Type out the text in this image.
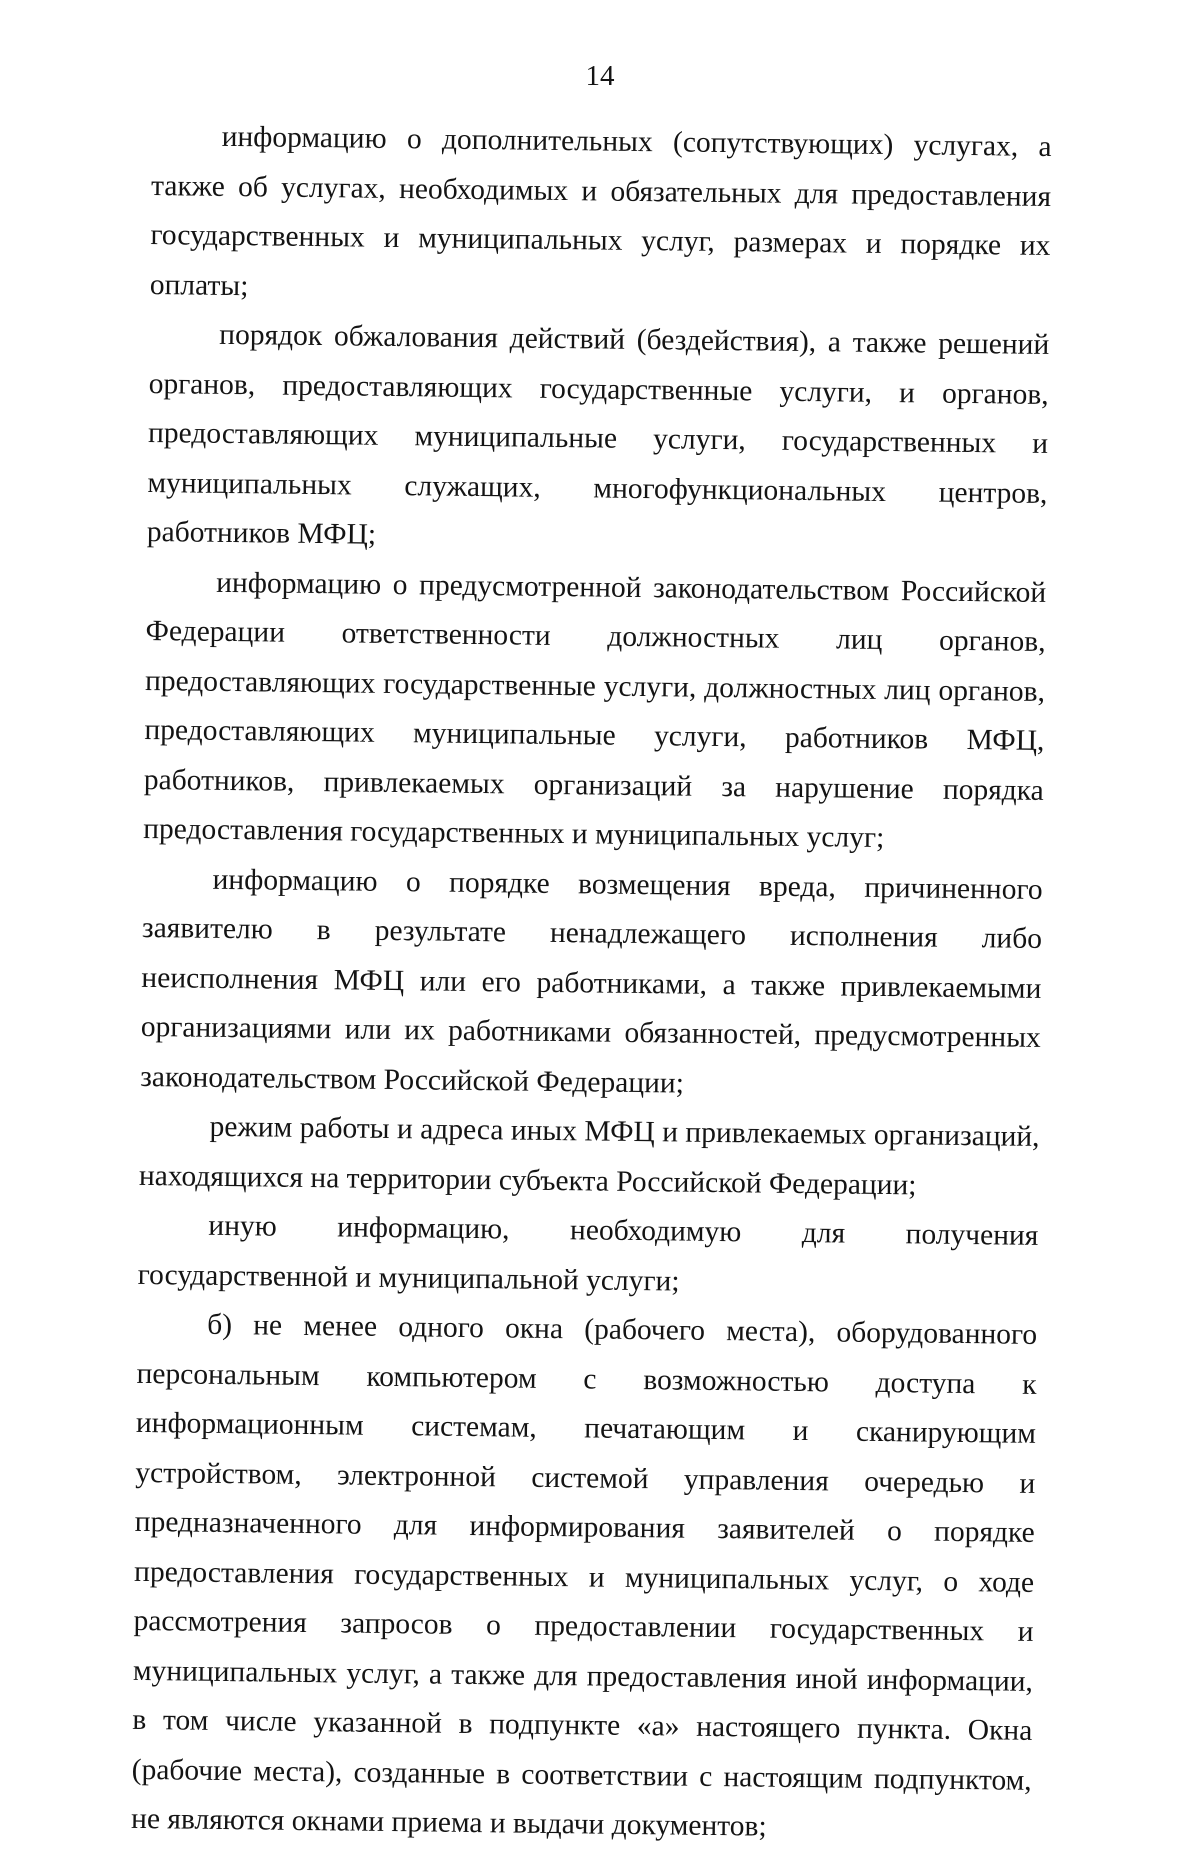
14

информацию о дополнительных (сопутствующих) услугах, а также об услугах, необходимых и обязательных для предоставления государственных и муниципальных услуг, размерах и порядке их оплаты;

порядок обжалования действий (бездействия), а также решений органов, предоставляющих государственные услуги, и органов, предоставляющих муниципальные услуги, государственных и муниципальных служащих, многофункциональных центров, работников МФЦ;

информацию о предусмотренной законодательством Российской Федерации ответственности должностных лиц органов, предоставляющих государственные услуги, должностных лиц органов, предоставляющих муниципальные услуги, работников МФЦ, работников, привлекаемых организаций за нарушение порядка предоставления государственных и муниципальных услуг;

информацию о порядке возмещения вреда, причиненного заявителю в результате ненадлежащего исполнения либо неисполнения МФЦ или его работниками, а также привлекаемыми организациями или их работниками обязанностей, предусмотренных законодательством Российской Федерации;

режим работы и адреса иных МФЦ и привлекаемых организаций, находящихся на территории субъекта Российской Федерации;

иную информацию, необходимую для получения государственной и муниципальной услуги;

б) не менее одного окна (рабочего места), оборудованного персональным компьютером с возможностью доступа к информационным системам, печатающим и сканирующим устройством, электронной системой управления очередью и предназначенного для информирования заявителей о порядке предоставления государственных и муниципальных услуг, о ходе рассмотрения запросов о предоставлении государственных и муниципальных услуг, а также для предоставления иной информации, в том числе указанной в подпункте «а» настоящего пункта. Окна (рабочие места), созданные в соответствии с настоящим подпунктом, не являются окнами приема и выдачи документов;
